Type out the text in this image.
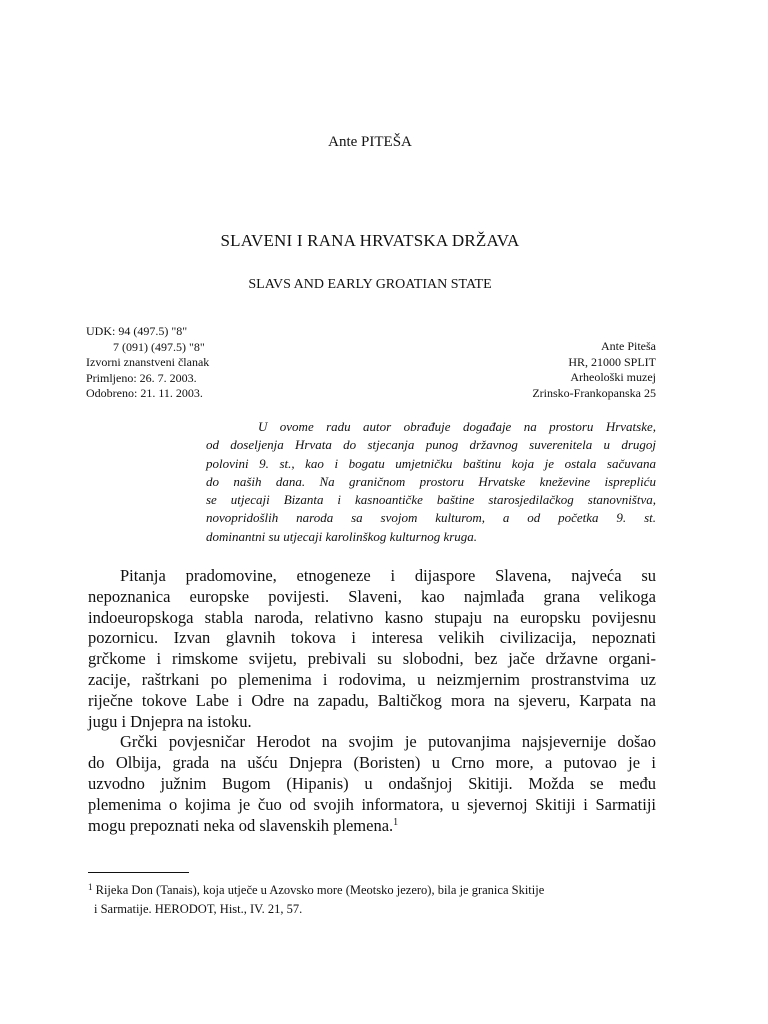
Ante PITEŠA
SLAVENI I RANA HRVATSKA DRŽAVA
SLAVS AND EARLY GROATIAN STATE
UDK: 94 (497.5) "8"
7 (091) (497.5) "8"
Izvorni znanstveni članak
Primljeno: 26. 7. 2003.
Odobreno: 21. 11. 2003.
Ante Piteša
HR, 21000 SPLIT
Arheološki muzej
Zrinsko-Frankopanska 25
U ovome radu autor obrađuje događaje na prostoru Hrvatske,
od doseljenja Hrvata do stjecanja punog državnog suverenitela u drugoj
polovini 9. st., kao i bogatu umjetničku baštinu koja je ostala sačuvana
do naših dana. Na graničnom prostoru Hrvatske kneževine isprepliću
se utjecaji Bizanta i kasnoantičke baštine starosjedilačkog stanovništva,
novopridošlih naroda sa svojom kulturom, a od početka 9. st.
dominantni su utjecaji karolinškog kulturnog kruga.
Pitanja pradomovine, etnogeneze i dijaspore Slavena, najveća su
nepoznanica europske povijesti. Slaveni, kao najmlađa grana velikoga
indoeuropskoga stabla naroda, relativno kasno stupaju na europsku povijesnu
pozornicu. Izvan glavnih tokova i interesa velikih civilizacija, nepoznati
grčkome i rimskome svijetu, prebivali su slobodni, bez jače državne organi-
zacije, raštrkani po plemenima i rodovima, u neizmjernim prostranstvima uz
riječne tokove Labe i Odre na zapadu, Baltičkog mora na sjeveru, Karpata na
jugu i Dnjepra na istoku.
Grčki povjesničar Herodot na svojim je putovanjima najsjevernije došao
do Olbija, grada na ušću Dnjepra (Boristen) u Crno more, a putovao je i
uzvodno južnim Bugom (Hipanis) u ondašnjoj Skitiji. Možda se među
plemenima o kojima je čuo od svojih informatora, u sjevernoj Skitiji i Sarmatiji
mogu prepoznati neka od slavenskih plemena.$^1$
$^1$ Rijeka Don (Tanais), koja utječe u Azovsko more (Meotsko jezero), bila je granica Skitije
i Sarmatije. HERODOT, Hist., IV. 21, 57.
